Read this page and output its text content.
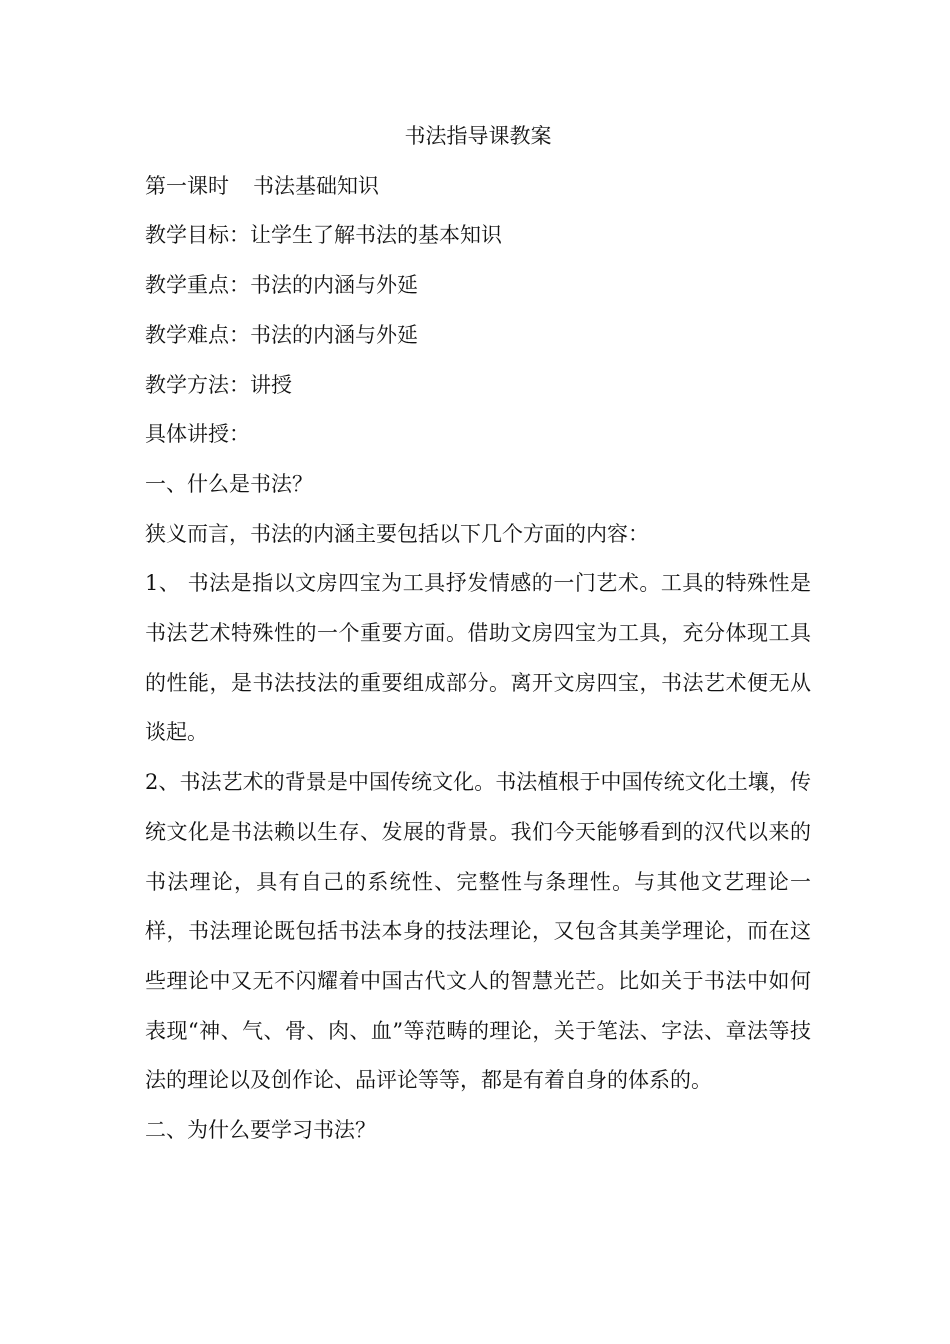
书法指导课教案

第一课时 书法基础知识

教学目标：让学生了解书法的基本知识

教学重点：书法的内涵与外延

教学难点：书法的内涵与外延

教学方法：讲授

具体讲授：

一、什么是书法？

狭义而言，书法的内涵主要包括以下几个方面的内容：

1、 书法是指以文房四宝为工具抒发情感的一门艺术。工具的特殊性是书法艺术特殊性的一个重要方面。借助文房四宝为工具，充分体现工具的性能，是书法技法的重要组成部分。离开文房四宝，书法艺术便无从谈起。

2、书法艺术的背景是中国传统文化。书法植根于中国传统文化土壤，传统文化是书法赖以生存、发展的背景。我们今天能够看到的汉代以来的书法理论，具有自己的系统性、完整性与条理性。与其他文艺理论一样，书法理论既包括书法本身的技法理论，又包含其美学理论，而在这些理论中又无不闪耀着中国古代文人的智慧光芒。比如关于书法中如何表现“神、气、骨、肉、血”等范畴的理论，关于笔法、字法、章法等技法的理论以及创作论、品评论等等，都是有着自身的体系的。

二、为什么要学习书法？
